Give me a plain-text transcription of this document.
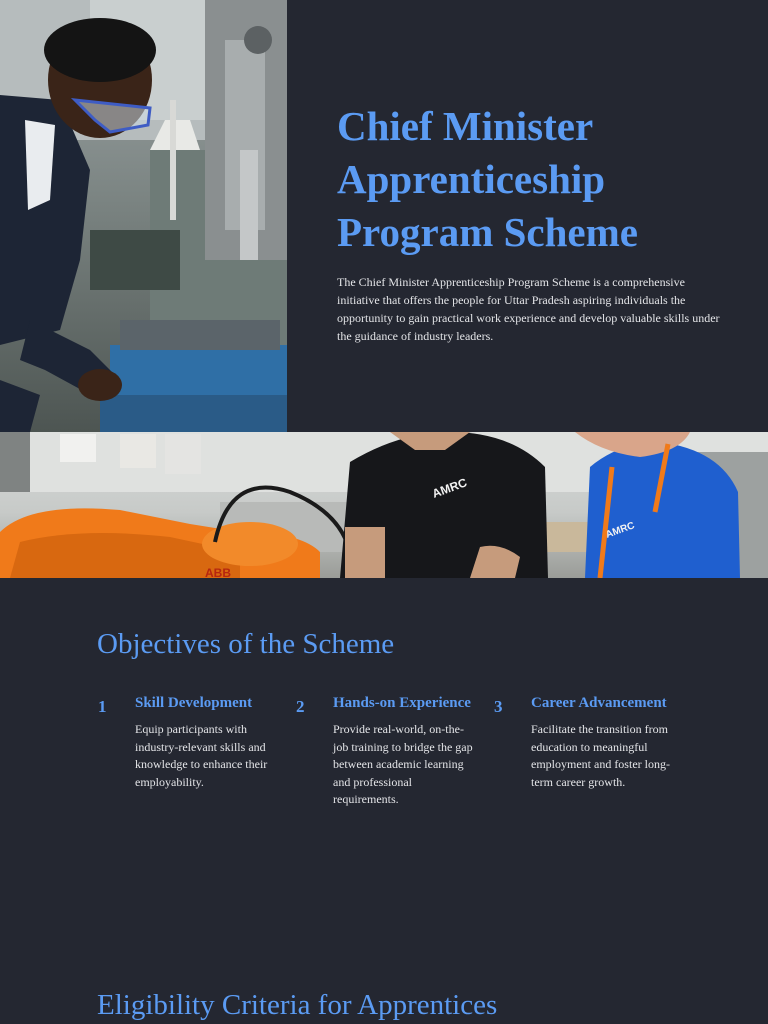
Chief Minister Apprenticeship Program Scheme

The Chief Minister Apprenticeship Program Scheme is a comprehensive initiative that offers the people for Uttar Pradesh aspiring individuals the opportunity to gain practical work experience and develop valuable skills under the guidance of industry leaders.

AMRC
AMRC
ABB
Objectives of the Scheme
1 Skill Development

Equip participants with industry-relevant skills and knowledge to enhance their employability.

2 Hands-on Experience

Provide real-world, on-the-job training to bridge the gap between academic learning and professional requirements.

3 Career Advancement

Facilitate the transition from education to meaningful employment and foster long-term career growth.

Eligibility Criteria for Apprentices
